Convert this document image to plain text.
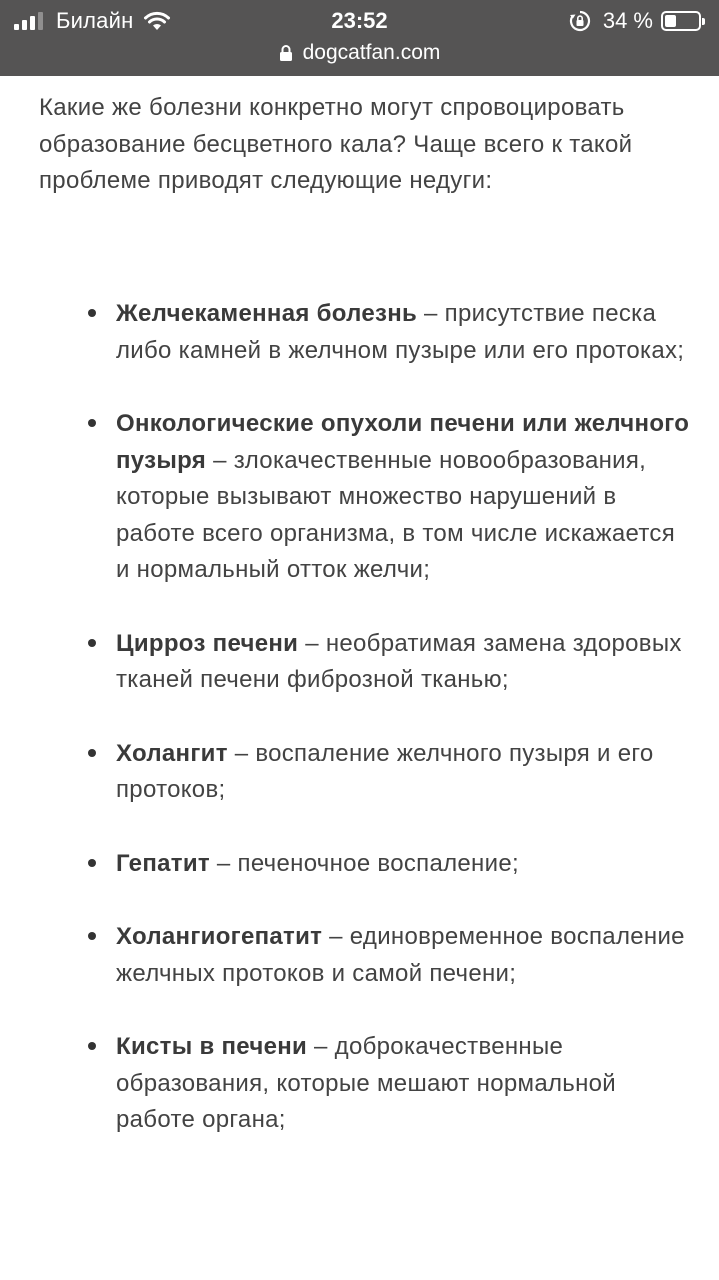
Билайн	23:52	34 %
dogcatfan.com

Какие же болезни конкретно могут спровоцировать образование бесцветного кала? Чаще всего к такой проблеме приводят следующие недуги:

Желчекаменная болезнь – присутствие песка либо камней в желчном пузыре или его протоках;
Онкологические опухоли печени или желчного пузыря – злокачественные новообразования, которые вызывают множество нарушений в работе всего организма, в том числе искажается и нормальный отток желчи;
Цирроз печени – необратимая замена здоровых тканей печени фиброзной тканью;
Холангит – воспаление желчного пузыря и его протоков;
Гепатит – печеночное воспаление;
Холангиогепатит – единовременное воспаление желчных протоков и самой печени;
Кисты в печени – доброкачественные образования, которые мешают нормальной работе органа;
